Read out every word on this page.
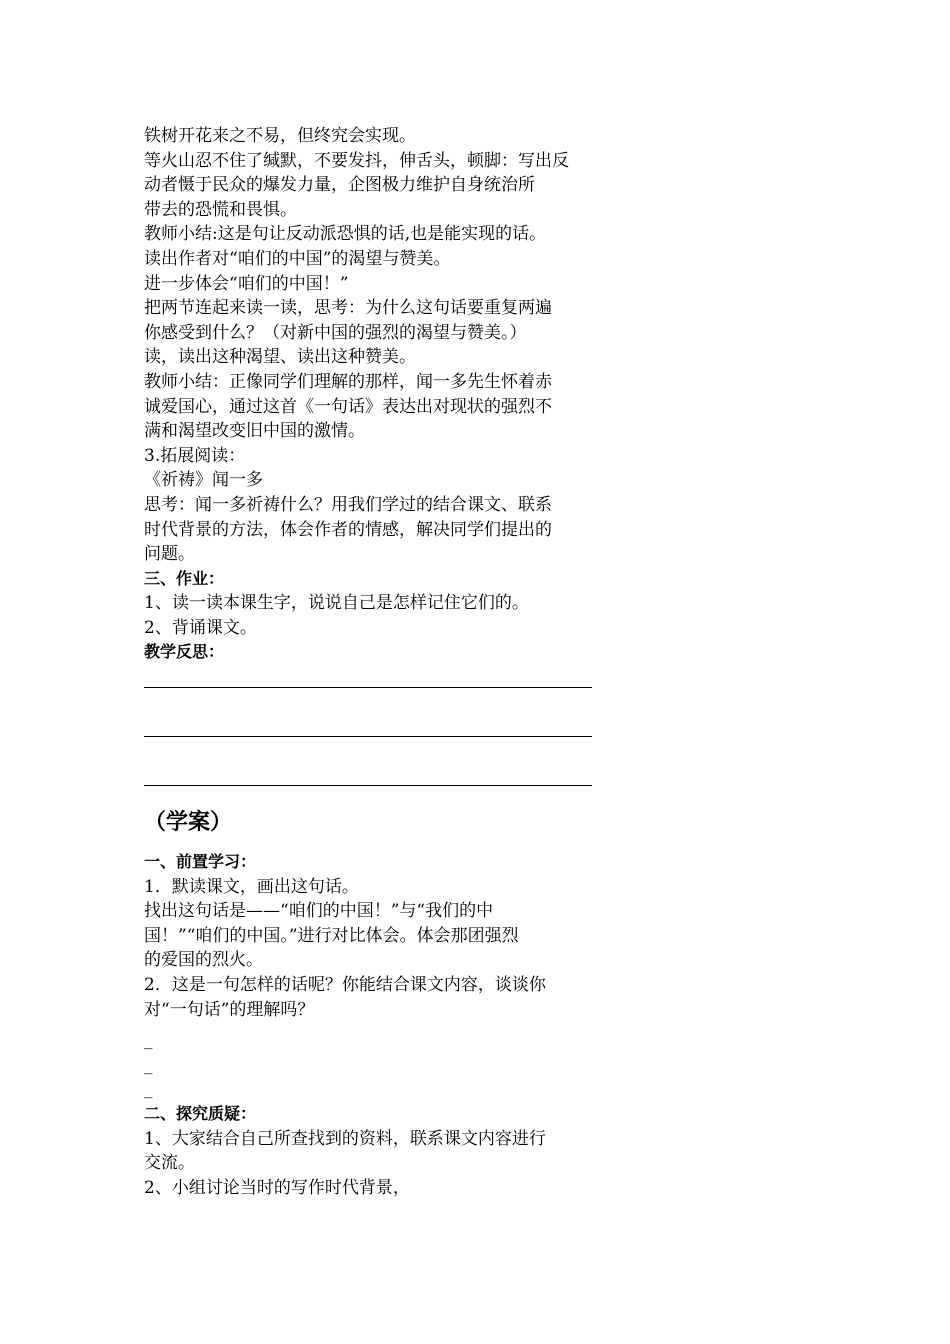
铁树开花来之不易，但终究会实现。
等火山忍不住了缄默，不要发抖，伸舌头，顿脚：写出反
动者慑于民众的爆发力量，企图极力维护自身统治所
带去的恐慌和畏惧。
教师小结:这是句让反动派恐惧的话,也是能实现的话。
读出作者对“咱们的中国”的渴望与赞美。
进一步体会“咱们的中国！”
把两节连起来读一读，思考：为什么这句话要重复两遍
你感受到什么？（对新中国的强烈的渴望与赞美。）
读，读出这种渴望、读出这种赞美。
教师小结：正像同学们理解的那样，闻一多先生怀着赤
诚爱国心，通过这首《一句话》表达出对现状的强烈不
满和渴望改变旧中国的激情。
3.拓展阅读：
《祈祷》闻一多
思考：闻一多祈祷什么？用我们学过的结合课文、联系
时代背景的方法，体会作者的情感，解决同学们提出的
问题。
三、作业：
1、读一读本课生字，说说自己是怎样记住它们的。
2、背诵课文。
教学反思：
（学案）
一、前置学习：
1．默读课文，画出这句话。
找出这句话是——“咱们的中国！”与“我们的中
国！”“咱们的中国。”进行对比体会。体会那团强烈
的爱国的烈火。
2．这是一句怎样的话呢？你能结合课文内容，谈谈你
对“一句话”的理解吗？
_
_
_
二、探究质疑：
1、大家结合自己所查找到的资料，联系课文内容进行
交流。
2、小组讨论当时的写作时代背景，
